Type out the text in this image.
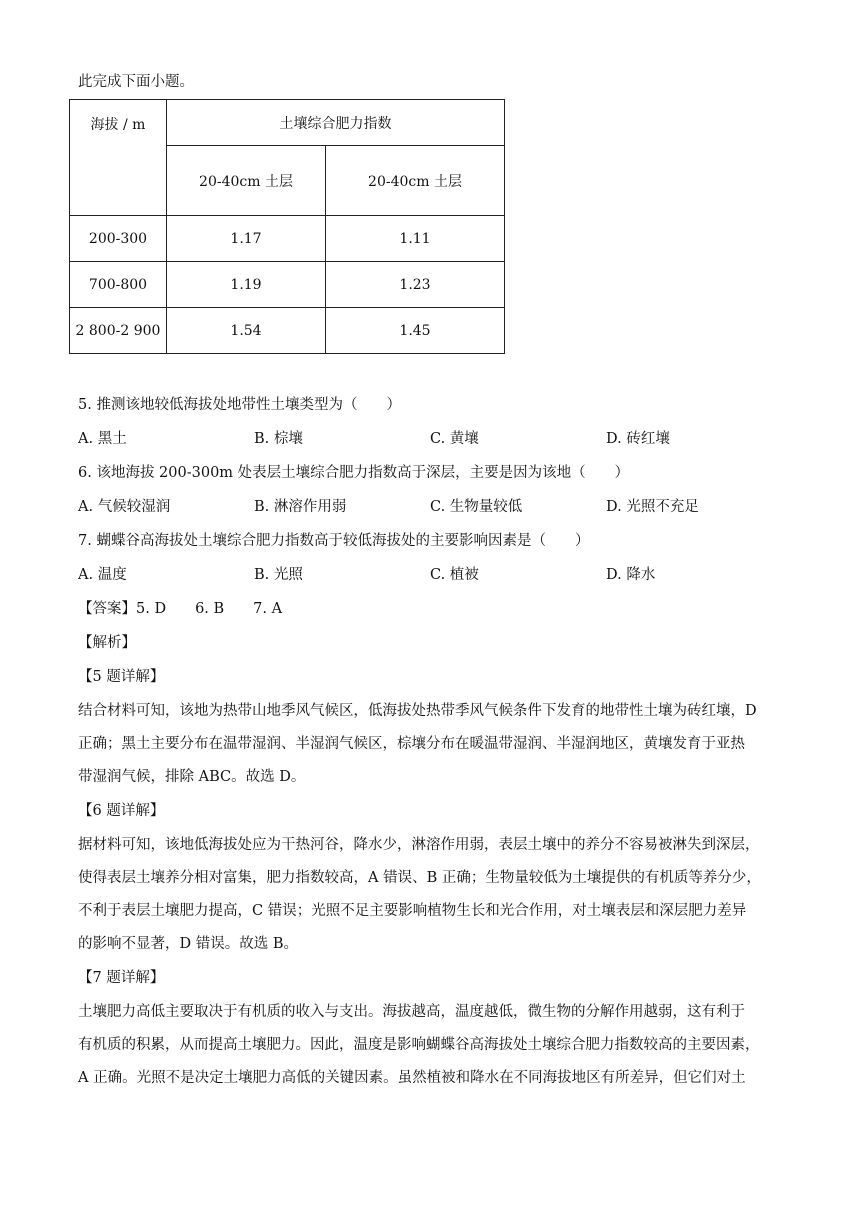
此完成下面小题。
海拔 / m	土壤综合肥力指数	
	20-40cm 土层	20-40cm 土层
200-300	1.17	1.11
700-800	1.19	1.23
2 800-2 900	1.54	1.45
5. 推测该地较低海拔处地带性土壤类型为（　　）
A. 黑土	B. 棕壤	C. 黄壤	D. 砖红壤
6. 该地海拔 200-300m 处表层土壤综合肥力指数高于深层，主要是因为该地（　　）
A. 气候较湿润	B. 淋溶作用弱	C. 生物量较低	D. 光照不充足
7. 蝴蝶谷高海拔处土壤综合肥力指数高于较低海拔处的主要影响因素是（　　）
A. 温度	B. 光照	C. 植被	D. 降水
【答案】5. D　　6. B　　7. A
【解析】
【5 题详解】
结合材料可知，该地为热带山地季风气候区，低海拔处热带季风气候条件下发育的地带性土壤为砖红壤，D
正确；黑土主要分布在温带湿润、半湿润气候区，棕壤分布在暖温带湿润、半湿润地区，黄壤发育于亚热
带湿润气候，排除 ABC。故选 D。
【6 题详解】
据材料可知，该地低海拔处应为干热河谷，降水少，淋溶作用弱，表层土壤中的养分不容易被淋失到深层，
使得表层土壤养分相对富集，肥力指数较高，A 错误、B 正确；生物量较低为土壤提供的有机质等养分少，
不利于表层土壤肥力提高，C 错误；光照不足主要影响植物生长和光合作用，对土壤表层和深层肥力差异
的影响不显著，D 错误。故选 B。
【7 题详解】
土壤肥力高低主要取决于有机质的收入与支出。海拔越高，温度越低，微生物的分解作用越弱，这有利于
有机质的积累，从而提高土壤肥力。因此，温度是影响蝴蝶谷高海拔处土壤综合肥力指数较高的主要因素，
A 正确。光照不是决定土壤肥力高低的关键因素。虽然植被和降水在不同海拔地区有所差异，但它们对土
